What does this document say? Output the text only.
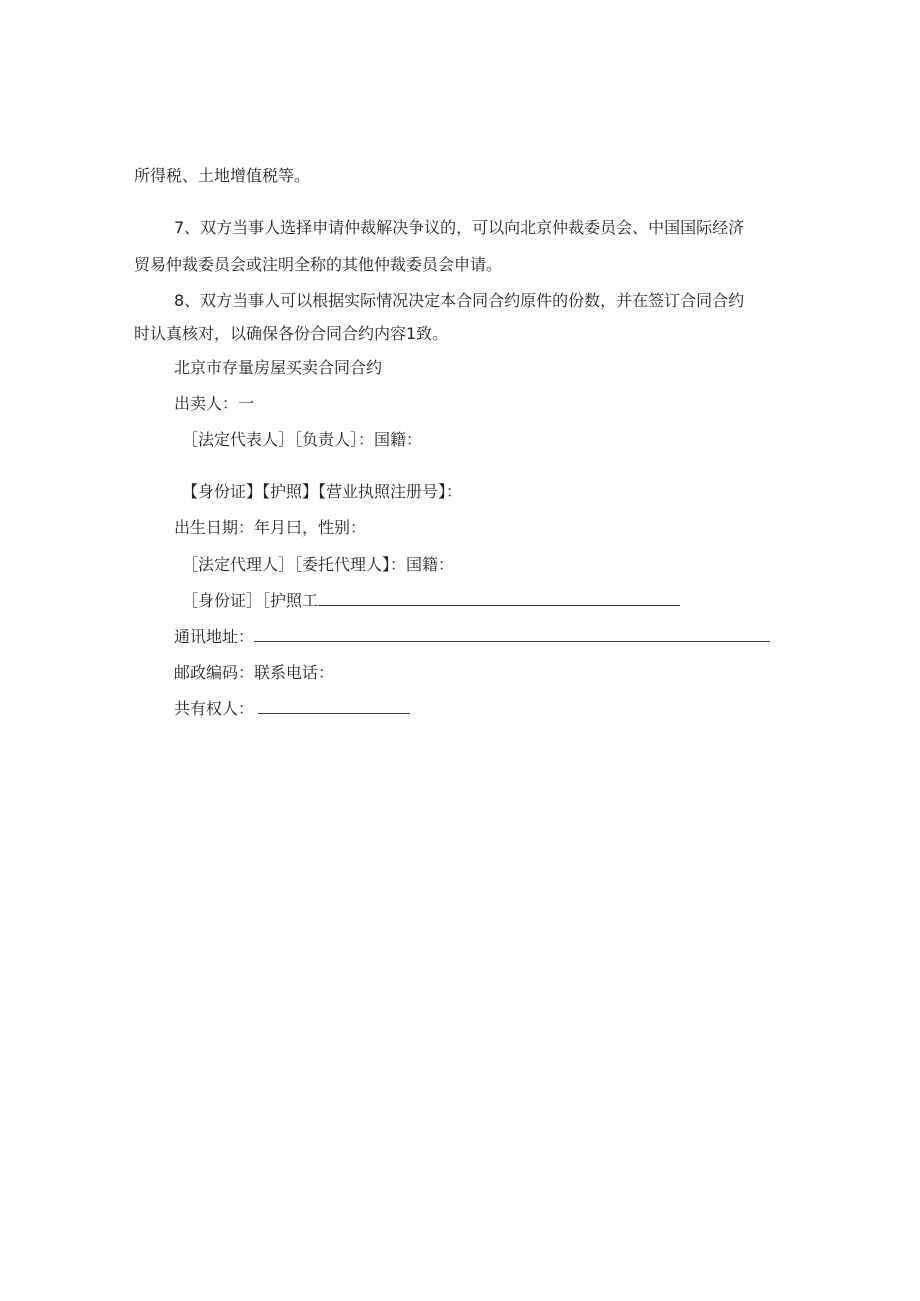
所得税、土地增值税等。
7、双方当事人选择申请仲裁解决争议的，可以向北京仲裁委员会、中国国际经济
贸易仲裁委员会或注明全称的其他仲裁委员会申请。
8、双方当事人可以根据实际情况决定本合同合约原件的份数，并在签订合同合约
时认真核对，以确保各份合同合约内容1致。
北京市存量房屋买卖合同合约
出卖人：一
［法定代表人］［负责人］：国籍：
【身份证】【护照】【营业执照注册号】：
出生日期：年月曰，性别：
［法定代理人］［委托代理人】：国籍：
［身份证］［护照工
通讯地址：
邮政编码：联系电话：
共有权人：
